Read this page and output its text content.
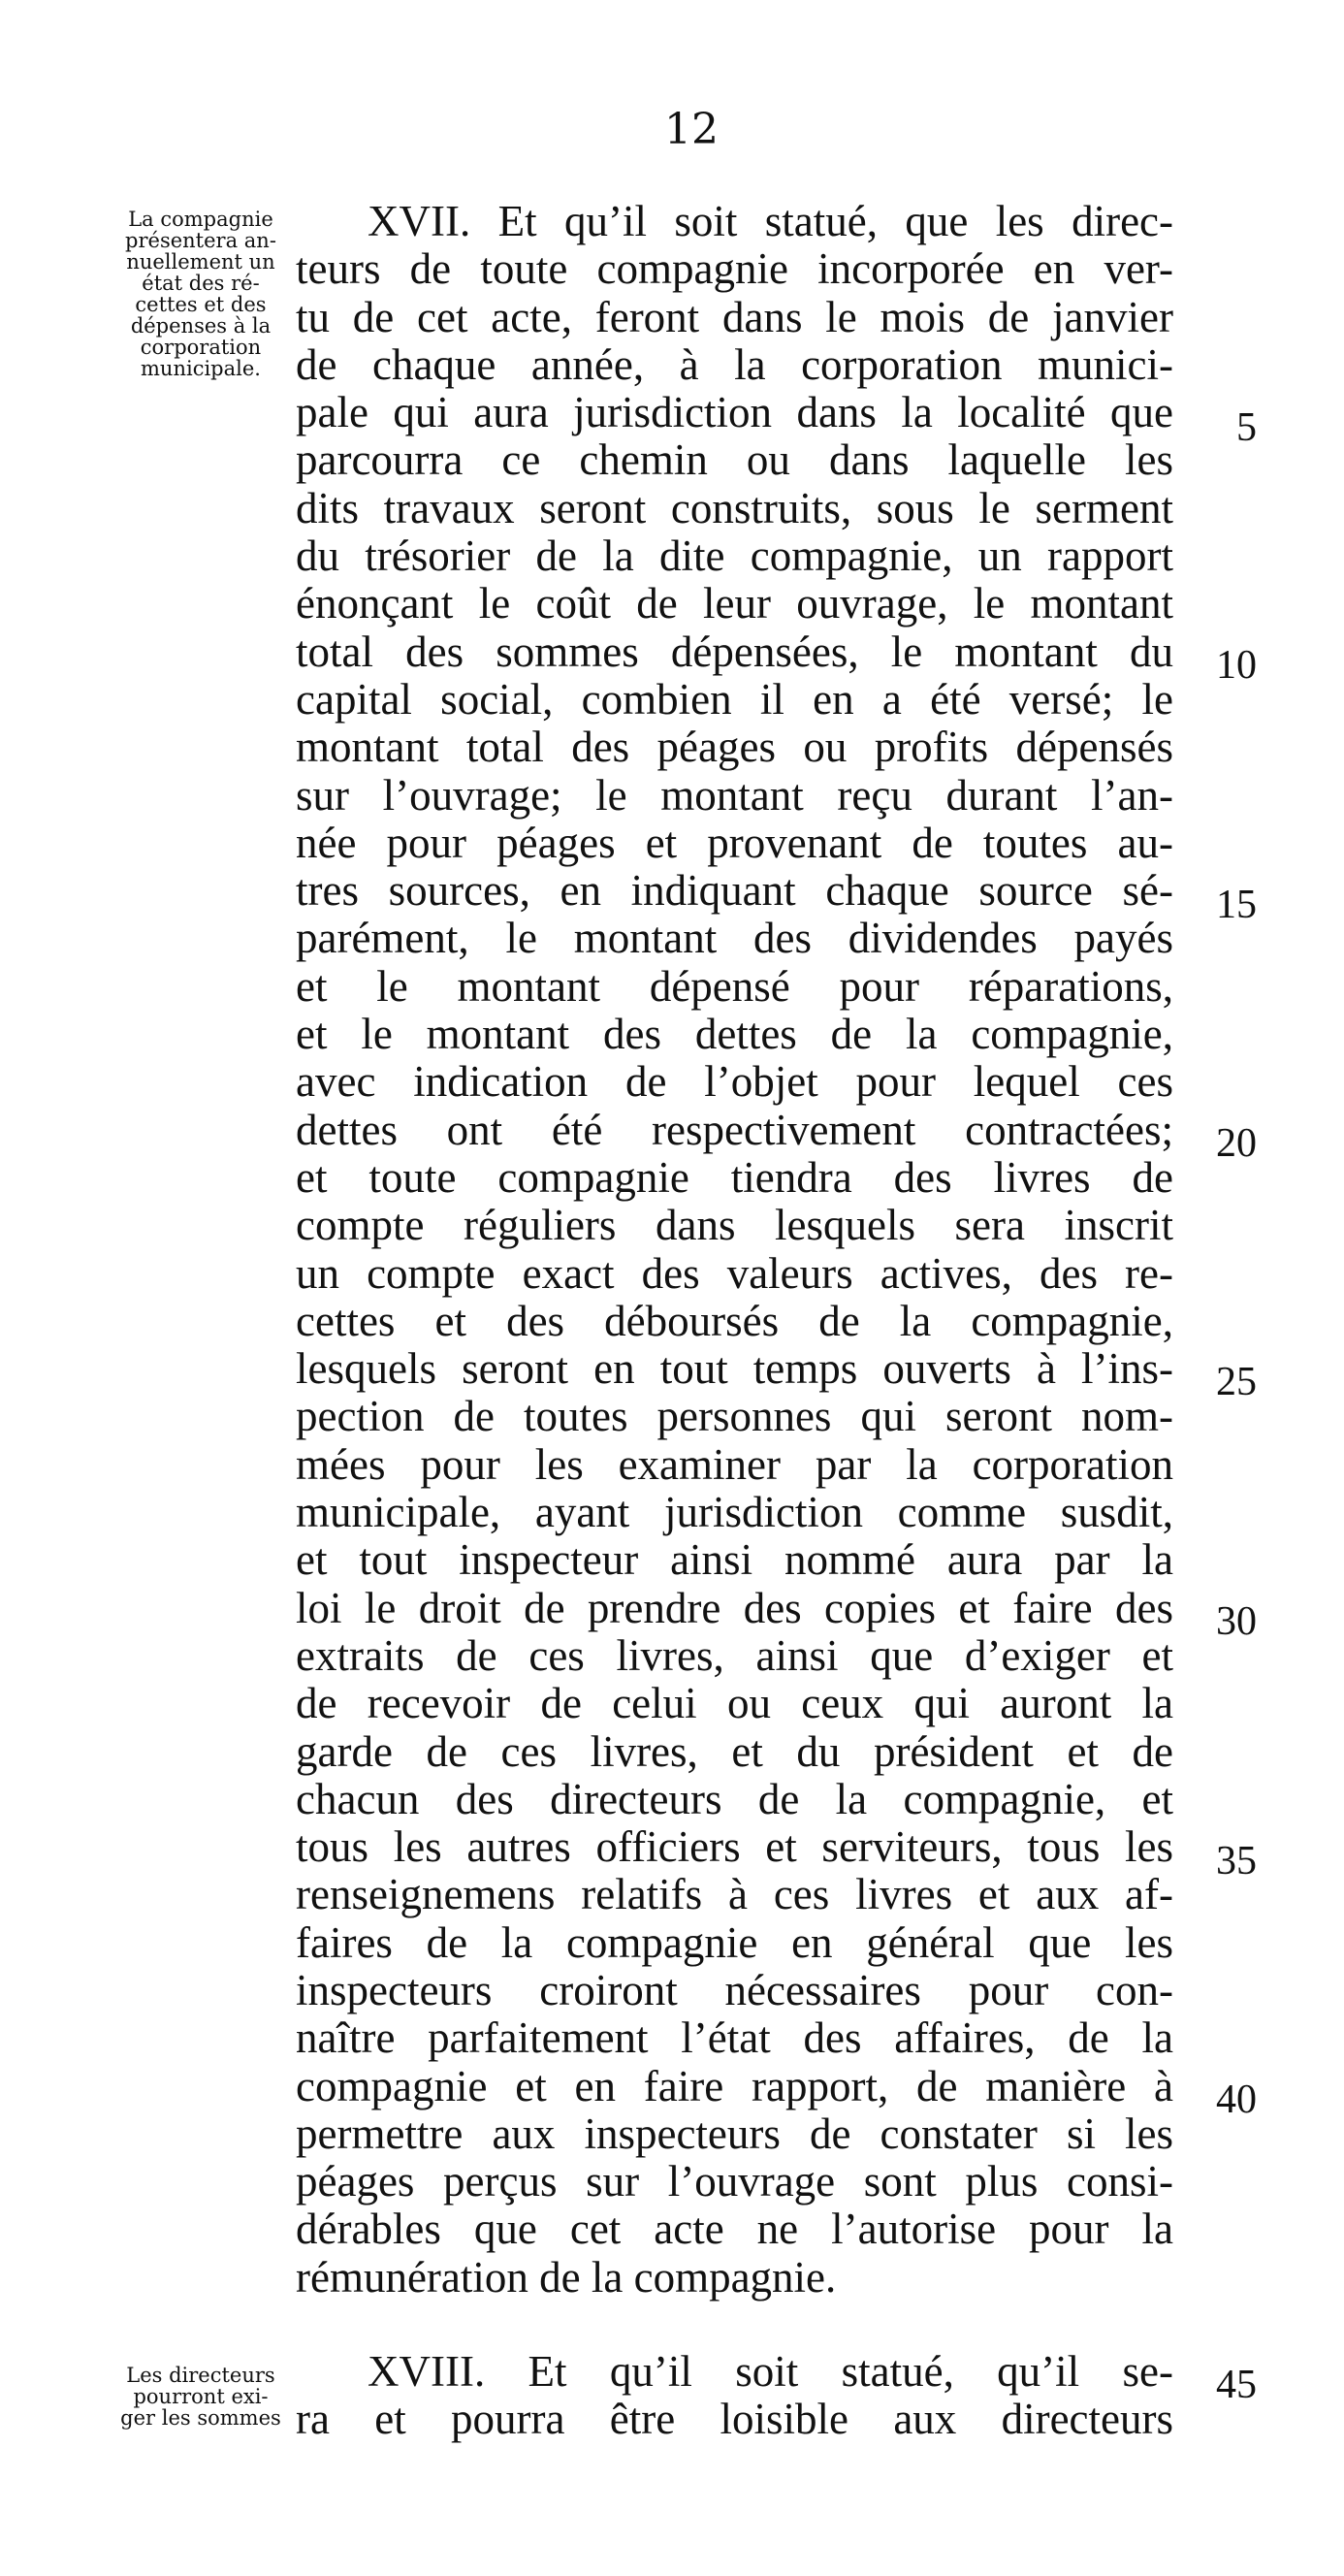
12
La compagnie
présentera an-
nuellement un
état des ré-
cettes et des
dépenses à la
corporation
municipale.
Les directeurs
pourront exi-
ger les sommes
XVII. Et qu’il soit statué, que les direc-
teurs de toute compagnie incorporée en ver-
tu de cet acte, feront dans le mois de janvier
de chaque année, à la corporation munici-
pale qui aura jurisdiction dans la localité que
parcourra ce chemin ou dans laquelle les
dits travaux seront construits, sous le serment
du trésorier de la dite compagnie, un rapport
énonçant le coût de leur ouvrage, le montant
total des sommes dépensées, le montant du
capital social, combien il en a été versé; le
montant total des péages ou profits dépensés
sur l’ouvrage; le montant reçu durant l’an-
née pour péages et provenant de toutes au-
tres sources, en indiquant chaque source sé-
parément, le montant des dividendes payés
et le montant dépensé pour réparations,
et le montant des dettes de la compagnie,
avec indication de l’objet pour lequel ces
dettes ont été respectivement contractées;
et toute compagnie tiendra des livres de
compte réguliers dans lesquels sera inscrit
un compte exact des valeurs actives, des re-
cettes et des déboursés de la compagnie,
lesquels seront en tout temps ouverts à l’ins-
pection de toutes personnes qui seront nom-
mées pour les examiner par la corporation
municipale, ayant jurisdiction comme susdit,
et tout inspecteur ainsi nommé aura par la
loi le droit de prendre des copies et faire des
extraits de ces livres, ainsi que d’exiger et
de recevoir de celui ou ceux qui auront la
garde de ces livres, et du président et de
chacun des directeurs de la compagnie, et
tous les autres officiers et serviteurs, tous les
renseignemens relatifs à ces livres et aux af-
faires de la compagnie en général que les
inspecteurs croiront nécessaires pour con-
naître parfaitement l’état des affaires, de la
compagnie et en faire rapport, de manière à
permettre aux inspecteurs de constater si les
péages perçus sur l’ouvrage sont plus consi-
dérables que cet acte ne l’autorise pour la
rémunération de la compagnie.
XVIII. Et qu’il soit statué, qu’il se-
ra et pourra être loisible aux directeurs
5
10
15
20
25
30
35
40
45
